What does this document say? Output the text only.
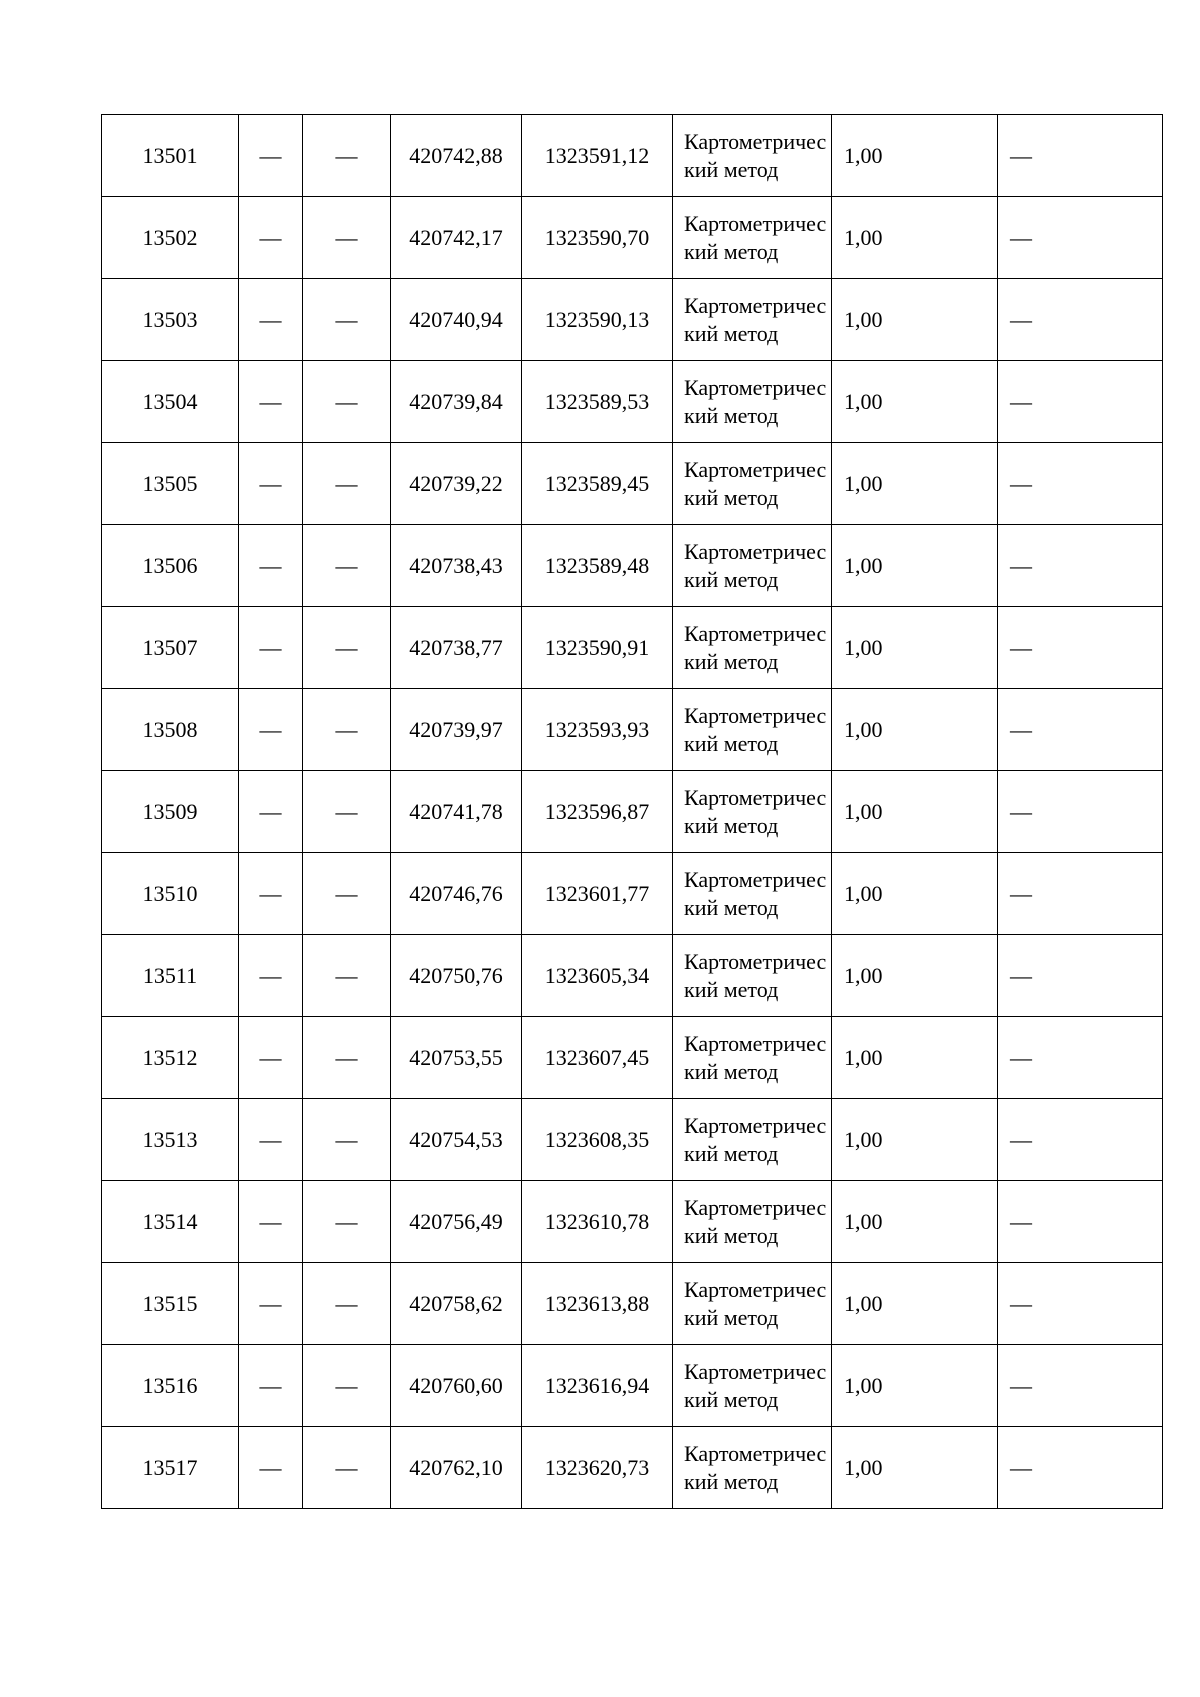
13501	—	—	420742,88	1323591,12	Картометрический метод	1,00	—
13502	—	—	420742,17	1323590,70	Картометрический метод	1,00	—
13503	—	—	420740,94	1323590,13	Картометрический метод	1,00	—
13504	—	—	420739,84	1323589,53	Картометрический метод	1,00	—
13505	—	—	420739,22	1323589,45	Картометрический метод	1,00	—
13506	—	—	420738,43	1323589,48	Картометрический метод	1,00	—
13507	—	—	420738,77	1323590,91	Картометрический метод	1,00	—
13508	—	—	420739,97	1323593,93	Картометрический метод	1,00	—
13509	—	—	420741,78	1323596,87	Картометрический метод	1,00	—
13510	—	—	420746,76	1323601,77	Картометрический метод	1,00	—
13511	—	—	420750,76	1323605,34	Картометрический метод	1,00	—
13512	—	—	420753,55	1323607,45	Картометрический метод	1,00	—
13513	—	—	420754,53	1323608,35	Картометрический метод	1,00	—
13514	—	—	420756,49	1323610,78	Картометрический метод	1,00	—
13515	—	—	420758,62	1323613,88	Картометрический метод	1,00	—
13516	—	—	420760,60	1323616,94	Картометрический метод	1,00	—
13517	—	—	420762,10	1323620,73	Картометрический метод	1,00	—
